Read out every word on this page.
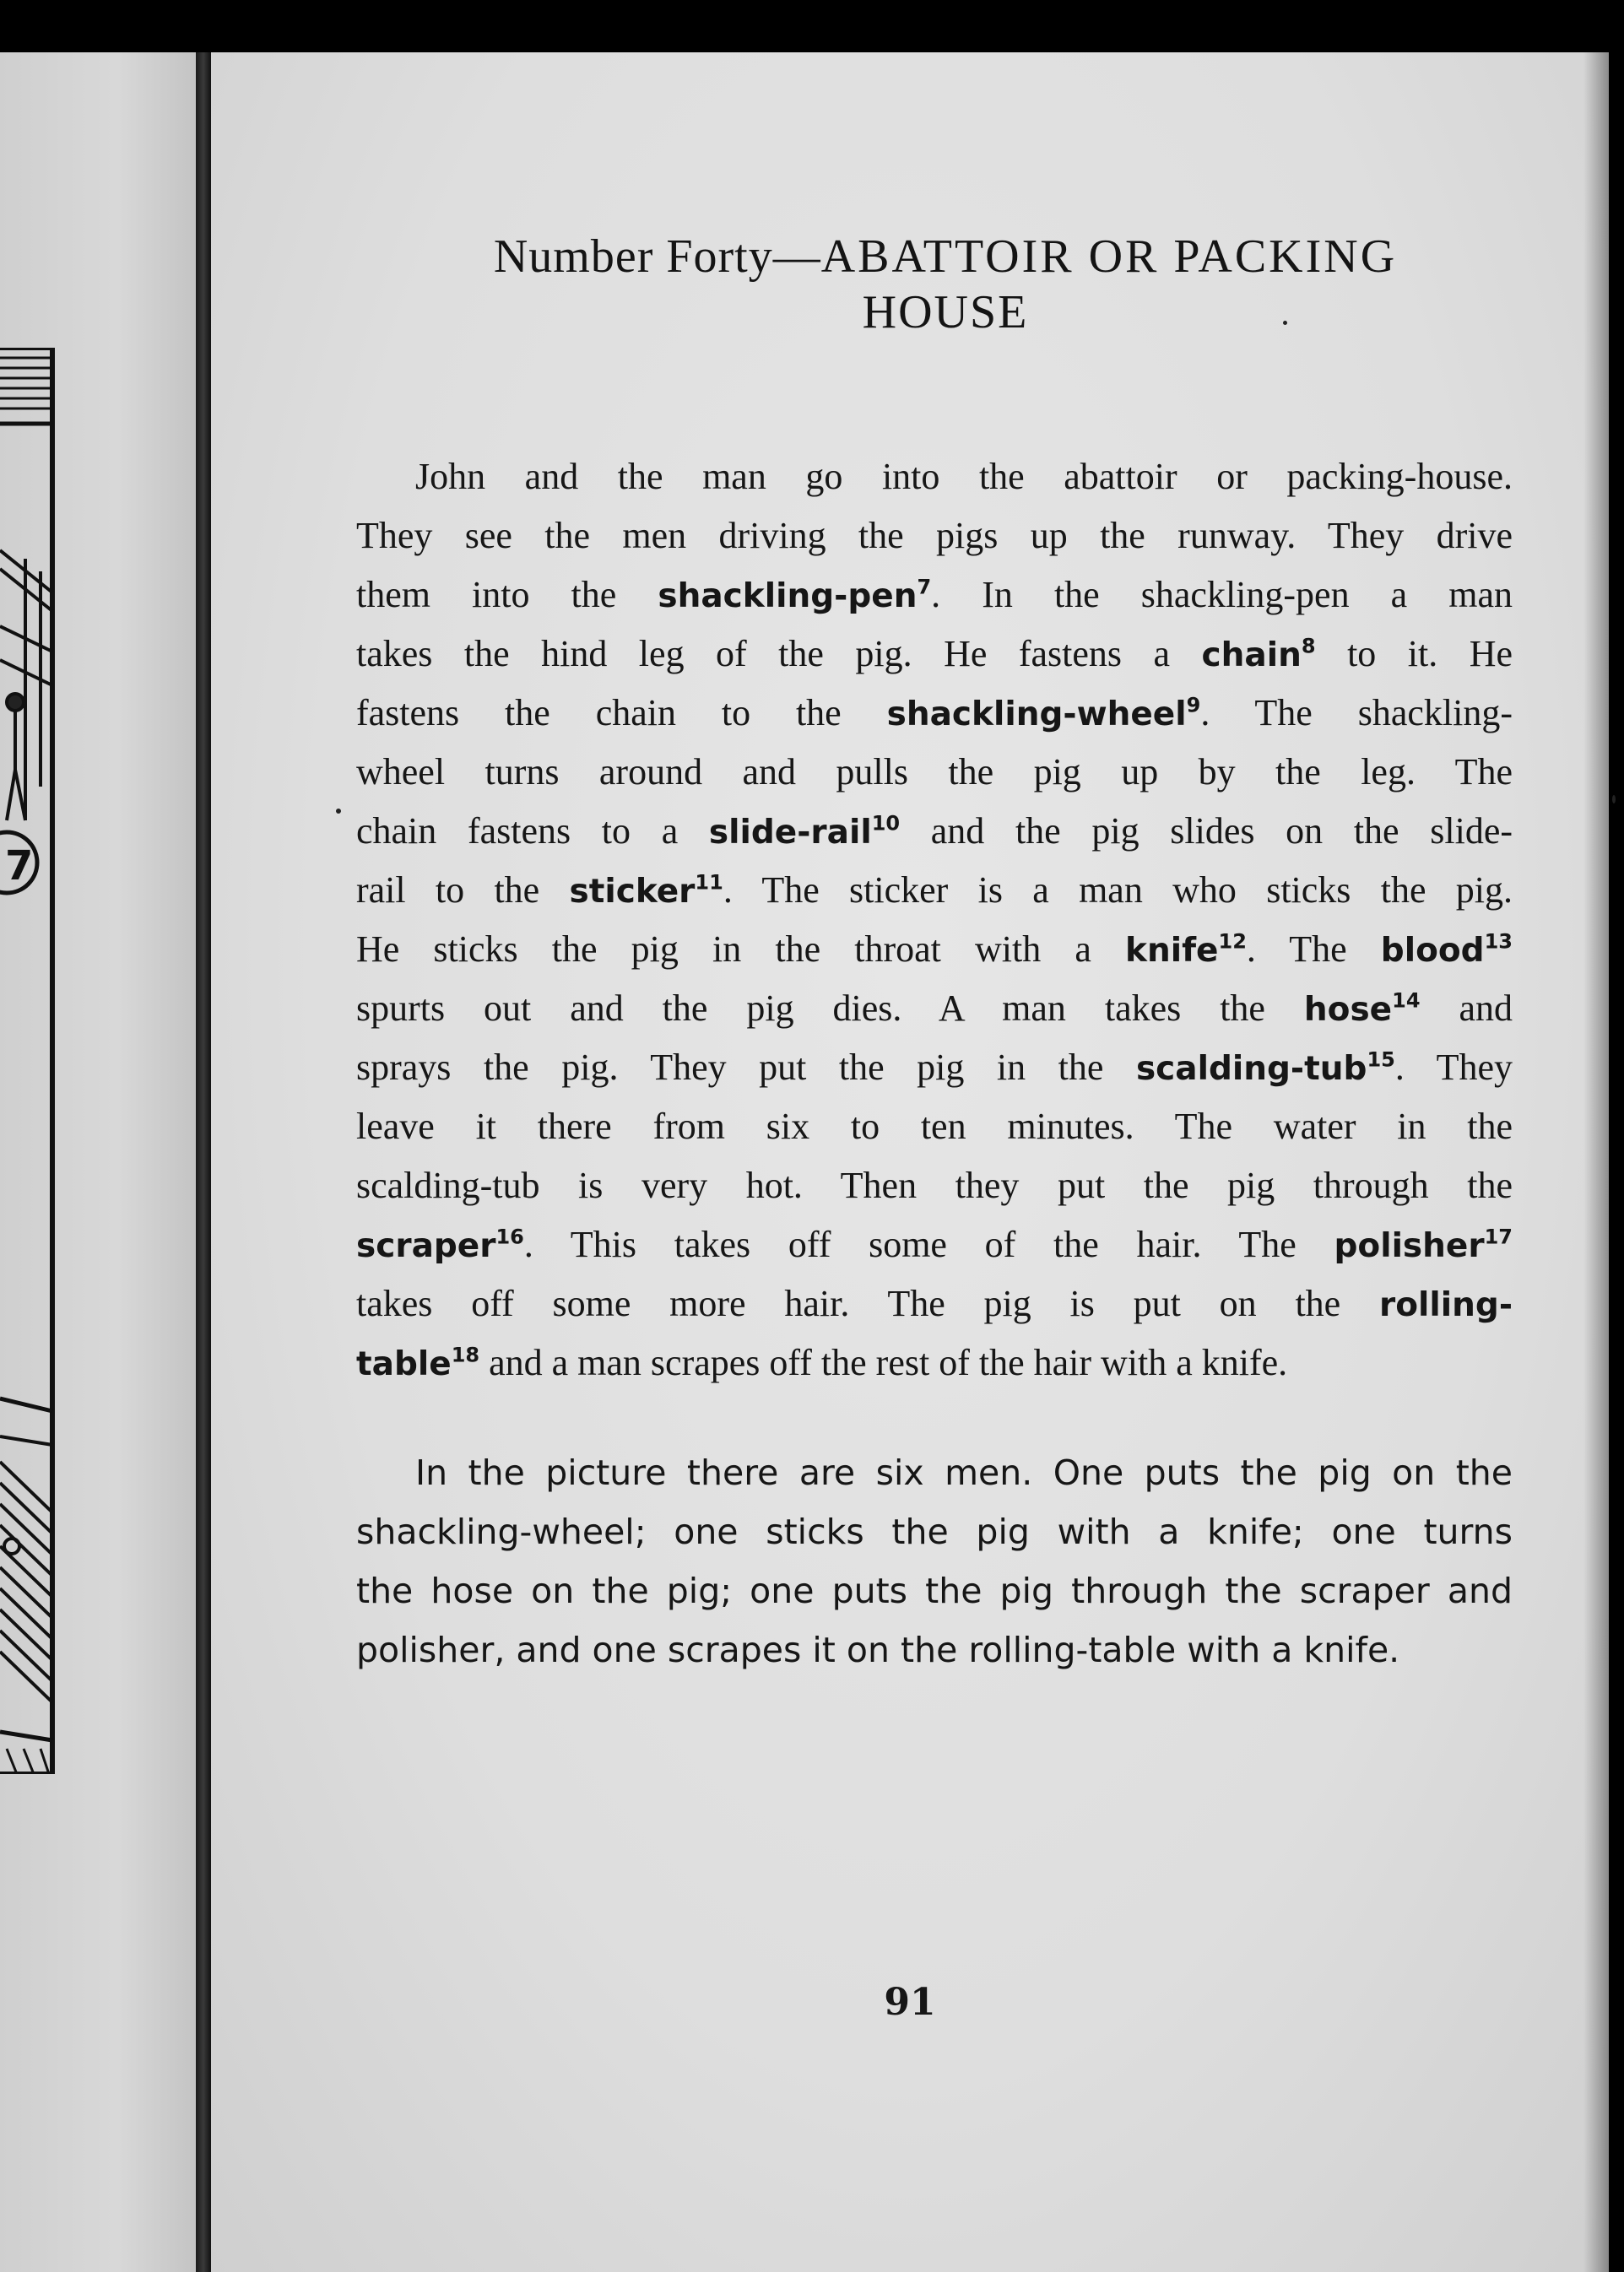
7
Number Forty—ABATTOIR OR PACKING
HOUSE
John and the man go into the abattoir or packing-house.
They see the men driving the pigs up the runway. They drive
them into the shackling-pen$^7$. In the shackling-pen a man
takes the hind leg of the pig. He fastens a chain$^8$ to it. He
fastens the chain to the shackling-wheel$^9$. The shackling-
wheel turns around and pulls the pig up by the leg. The
chain fastens to a slide-rail$^{10}$ and the pig slides on the slide-
rail to the sticker$^{11}$. The sticker is a man who sticks the pig.
He sticks the pig in the throat with a knife$^{12}$. The blood$^{13}$
spurts out and the pig dies. A man takes the hose$^{14}$ and
sprays the pig. They put the pig in the scalding-tub$^{15}$. They
leave it there from six to ten minutes. The water in the
scalding-tub is very hot. Then they put the pig through the
scraper$^{16}$. This takes off some of the hair. The polisher$^{17}$
takes off some more hair. The pig is put on the rolling-
table$^{18}$ and a man scrapes off the rest of the hair with a knife.
In the picture there are six men. One puts the pig on the
shackling-wheel; one sticks the pig with a knife; one turns
the hose on the pig; one puts the pig through the scraper and
polisher, and one scrapes it on the rolling-table with a knife.
91
